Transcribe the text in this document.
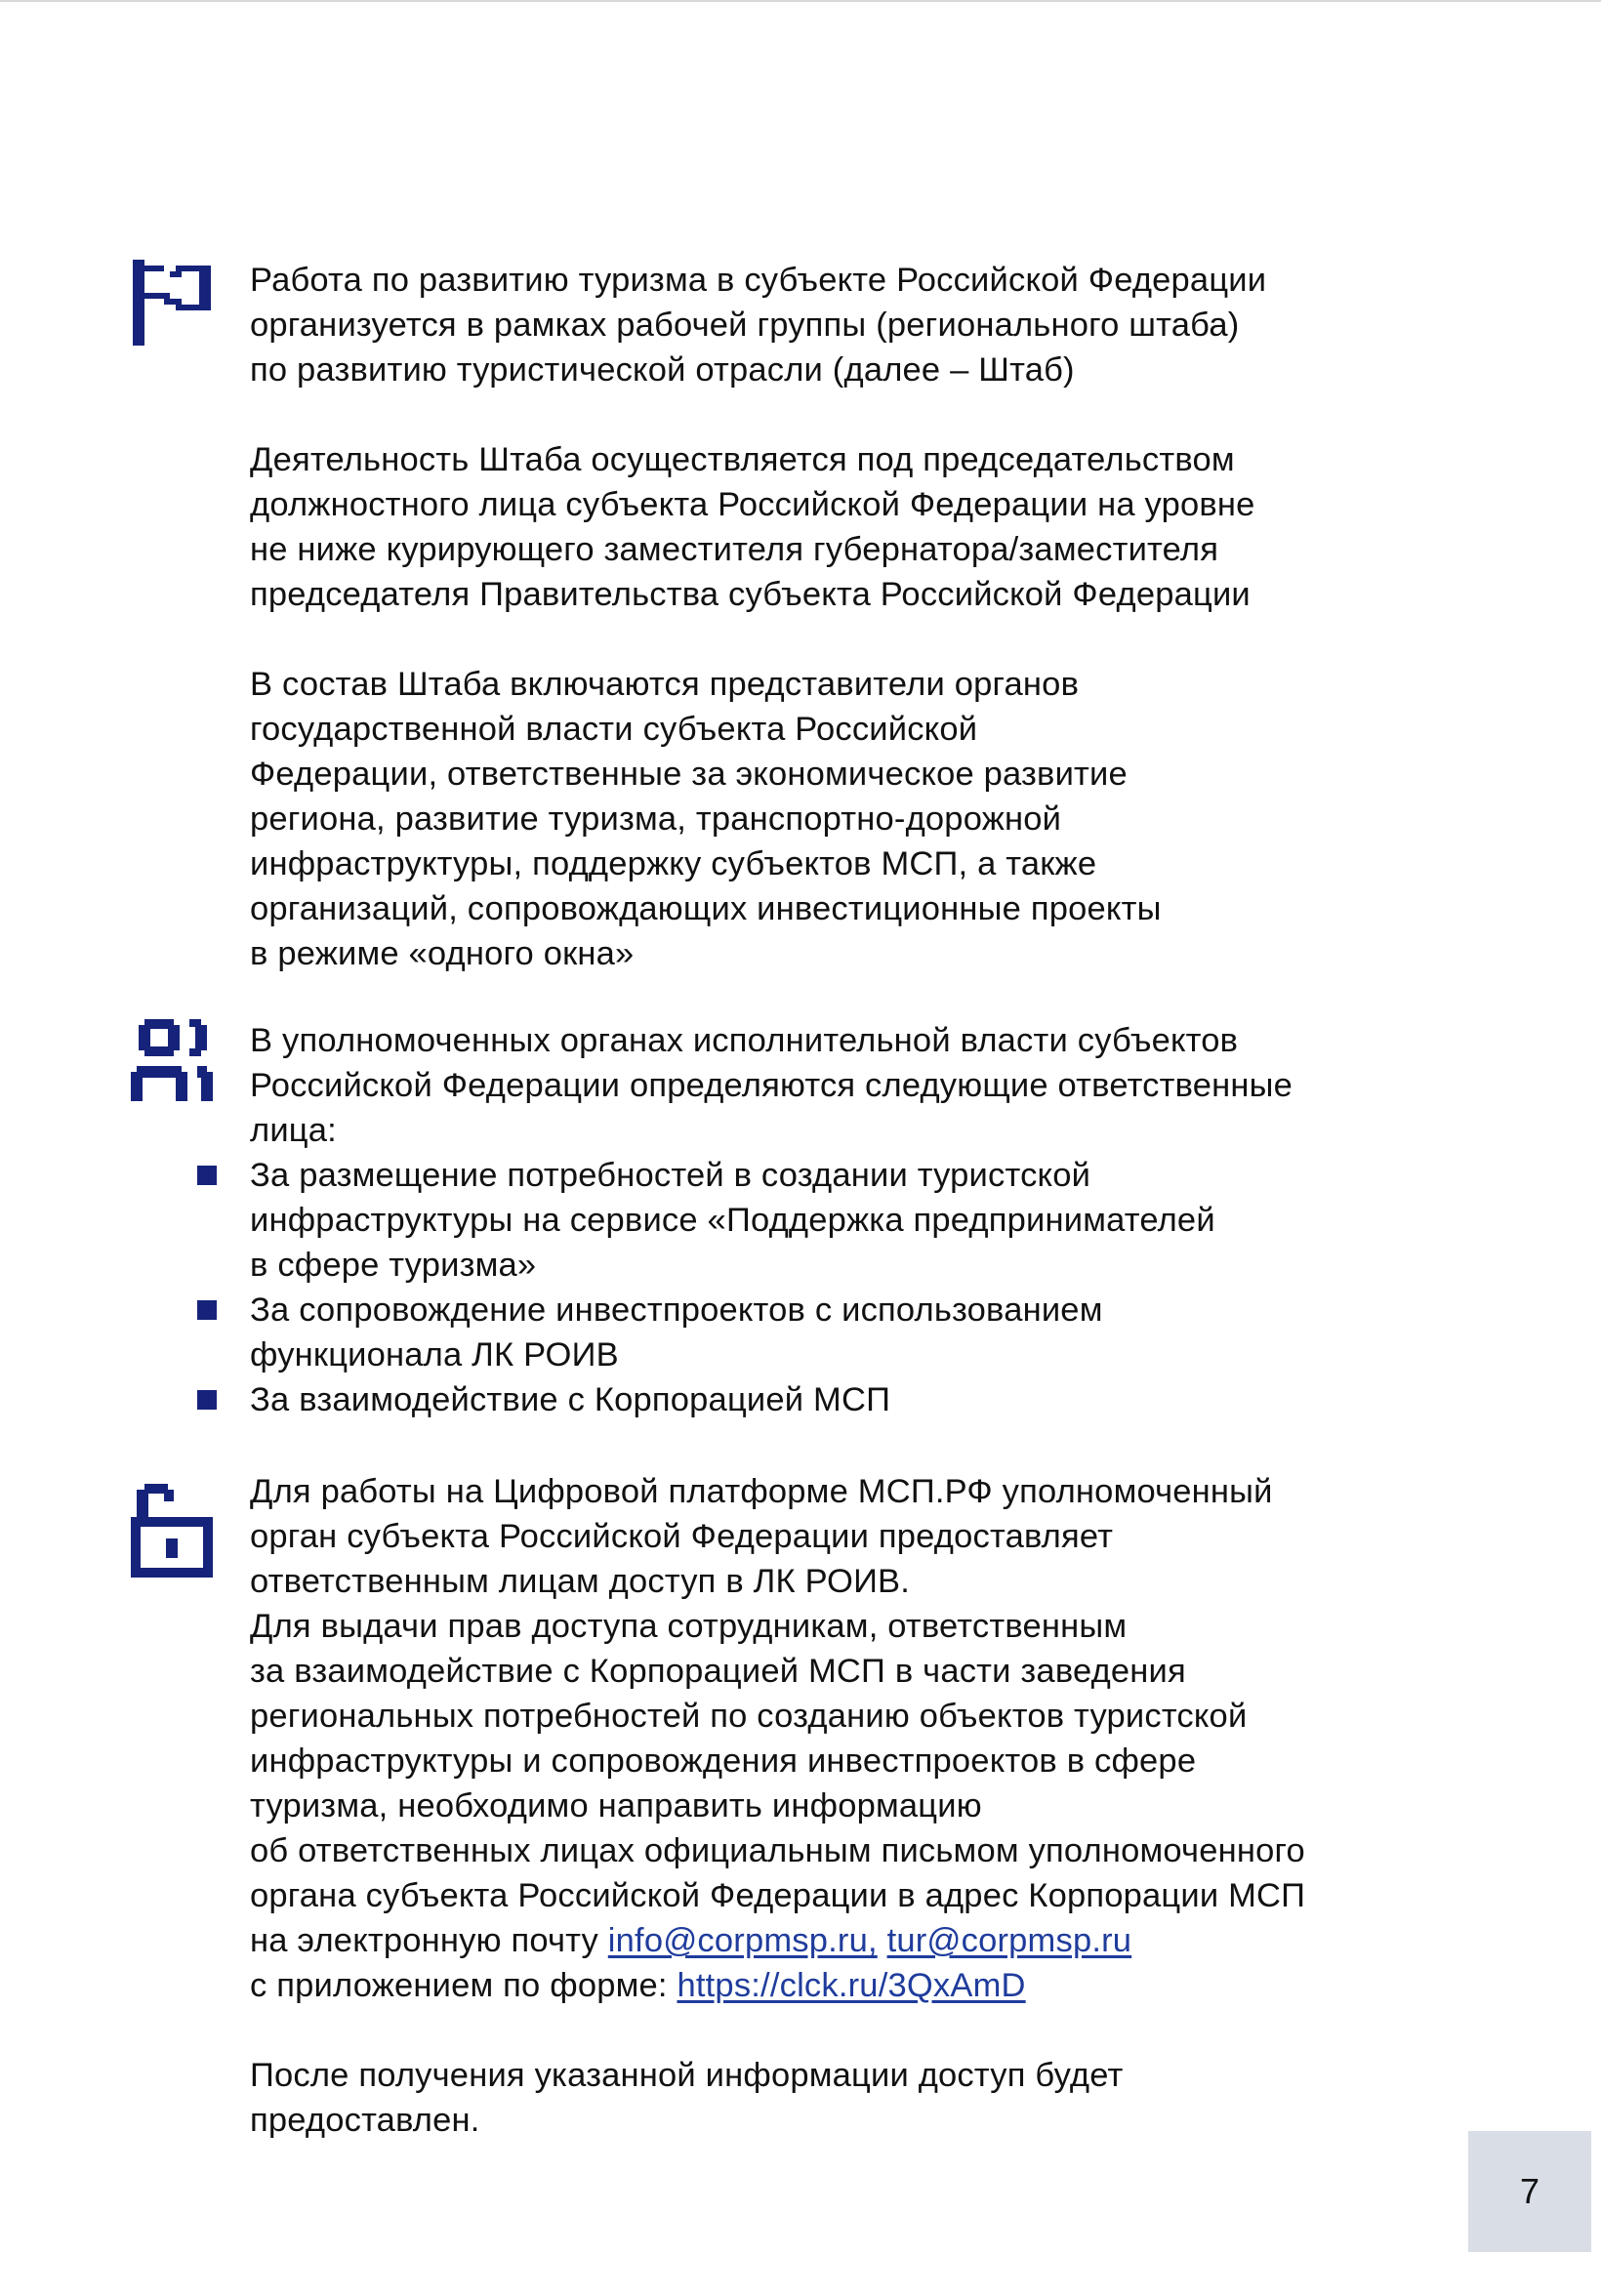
Работа по развитию туризма в субъекте Российской Федерации
организуется в рамках рабочей группы (регионального штаба)
по развитию туристической отрасли (далее – Штаб)

Деятельность Штаба осуществляется под председательством
должностного лица субъекта Российской Федерации на уровне
не ниже курирующего заместителя губернатора/заместителя
председателя Правительства субъекта Российской Федерации

В состав Штаба включаются представители органов
государственной власти субъекта Российской
Федерации, ответственные за экономическое развитие
региона, развитие туризма, транспортно-дорожной
инфраструктуры, поддержку субъектов МСП, а также
организаций, сопровождающих инвестиционные проекты
в режиме «одного окна»

В уполномоченных органах исполнительной власти субъектов
Российской Федерации определяются следующие ответственные
лица:

За размещение потребностей в создании туристской
инфраструктуры на сервисе «Поддержка предпринимателей
в сфере туризма»
За сопровождение инвестпроектов с использованием
функционала ЛК РОИВ
За взаимодействие с Корпорацией МСП

Для работы на Цифровой платформе МСП.РФ уполномоченный
орган субъекта Российской Федерации предоставляет
ответственным лицам доступ в ЛК РОИВ.
Для выдачи прав доступа сотрудникам, ответственным
за взаимодействие с Корпорацией МСП в части заведения
региональных потребностей по созданию объектов туристской
инфраструктуры и сопровождения инвестпроектов в сфере
туризма, необходимо направить информацию
об ответственных лицах официальным письмом уполномоченного
органа субъекта Российской Федерации в адрес Корпорации МСП
на электронную почту info@corpmsp.ru, tur@corpmsp.ru
с приложением по форме: https://clck.ru/3QxAmD

После получения указанной информации доступ будет
предоставлен.

7
